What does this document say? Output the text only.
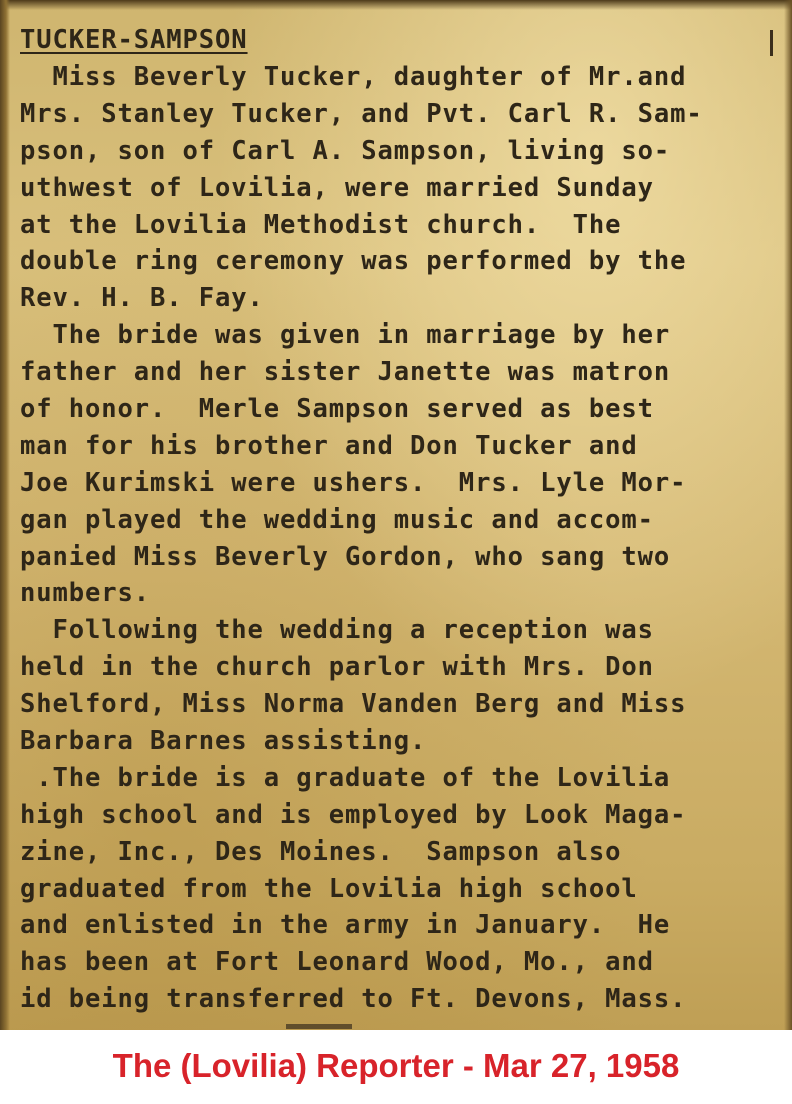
TUCKER-SAMPSON
Miss Beverly Tucker, daughter of Mr.and
Mrs. Stanley Tucker, and Pvt. Carl R. Sam-
pson, son of Carl A. Sampson, living so-
uthwest of Lovilia, were married Sunday
at the Lovilia Methodist church.  The
double ring ceremony was performed by the
Rev. H. B. Fay.
The bride was given in marriage by her
father and her sister Janette was matron
of honor.  Merle Sampson served as best
man for his brother and Don Tucker and
Joe Kurimski were ushers.  Mrs. Lyle Mor-
gan played the wedding music and accom-
panied Miss Beverly Gordon, who sang two
numbers.
Following the wedding a reception was
held in the church parlor with Mrs. Don
Shelford, Miss Norma Vanden Berg and Miss
Barbara Barnes assisting.
.The bride is a graduate of the Lovilia
high school and is employed by Look Maga-
zine, Inc., Des Moines.  Sampson also
graduated from the Lovilia high school
and enlisted in the army in January.  He
has been at Fort Leonard Wood, Mo., and
id being transferred to Ft. Devons, Mass.
The (Lovilia) Reporter - Mar 27, 1958
